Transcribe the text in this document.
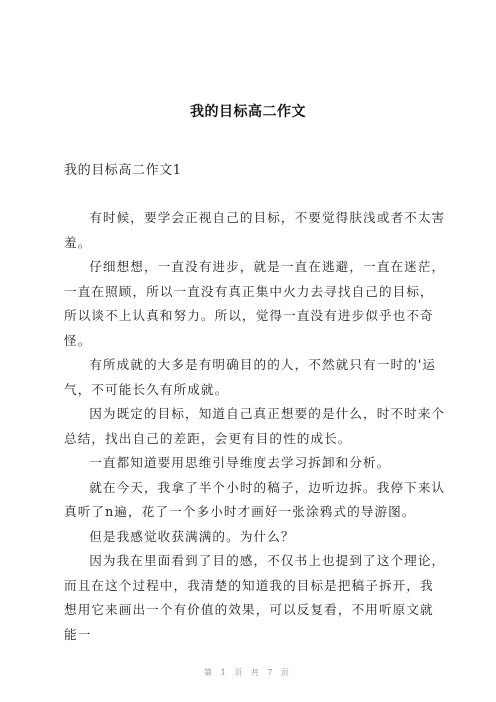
我的目标高二作文
我的目标高二作文1

有时候，要学会正视自己的目标，不要觉得肤浅或者不太害羞。

仔细想想，一直没有进步，就是一直在逃避，一直在迷茫，一直在照顾，所以一直没有真正集中火力去寻找自己的目标，所以谈不上认真和努力。所以，觉得一直没有进步似乎也不奇怪。

有所成就的大多是有明确目的的人，不然就只有一时的'运气，不可能长久有所成就。

因为既定的目标，知道自己真正想要的是什么，时不时来个总结，找出自己的差距，会更有目的性的成长。

一直都知道要用思维引导维度去学习拆卸和分析。

就在今天，我拿了半个小时的稿子，边听边拆。我停下来认真听了n遍，花了一个多小时才画好一张涂鸦式的导游图。

但是我感觉收获满满的。为什么？

因为我在里面看到了目的感，不仅书上也提到了这个理论，而且在这个过程中，我清楚的知道我的目标是把稿子拆开，我想用它来画出一个有价值的效果，可以反复看，不用听原文就能一

第 1 页 共 7 页
